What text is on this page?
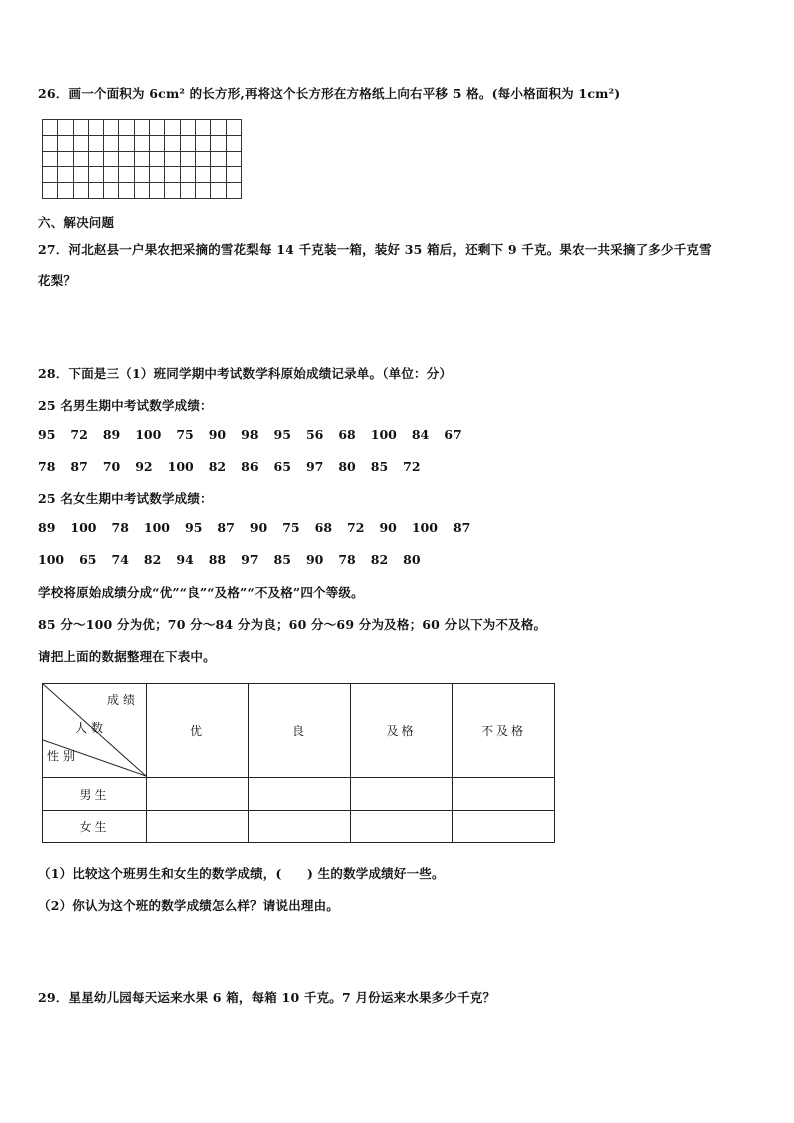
26．画一个面积为 6cm² 的长方形,再将这个长方形在方格纸上向右平移 5 格。(每小格面积为 1cm²)

六、解决问题
27．河北赵县一户果农把采摘的雪花梨每 14 千克装一箱，装好 35 箱后，还剩下 9 千克。果农一共采摘了多少千克雪
花梨？
28．下面是三（1）班同学期中考试数学科原始成绩记录单。（单位：分）
25 名男生期中考试数学成绩：
95 72 89 100 75 90 98 95 56 68 100 84 67
78 87 70 92 100 82 86 65 97 80 85 72
25 名女生期中考试数学成绩：
89 100 78 100 95 87 90 75 68 72 90 100 87
100 65 74 82 94 88 97 85 90 78 82 80
学校将原始成绩分成“优”“良”“及格”“不及格”四个等级。
85 分～100 分为优；70 分～84 分为良；60 分～69 分为及格；60 分以下为不及格。
请把上面的数据整理在下表中。
成绩
人数
性别	优	良	及格	不及格
男生				
女生				
（1）比较这个班男生和女生的数学成绩，(　　) 生的数学成绩好一些。
（2）你认为这个班的数学成绩怎么样？请说出理由。
29．星星幼儿园每天运来水果 6 箱，每箱 10 千克。7 月份运来水果多少千克？
